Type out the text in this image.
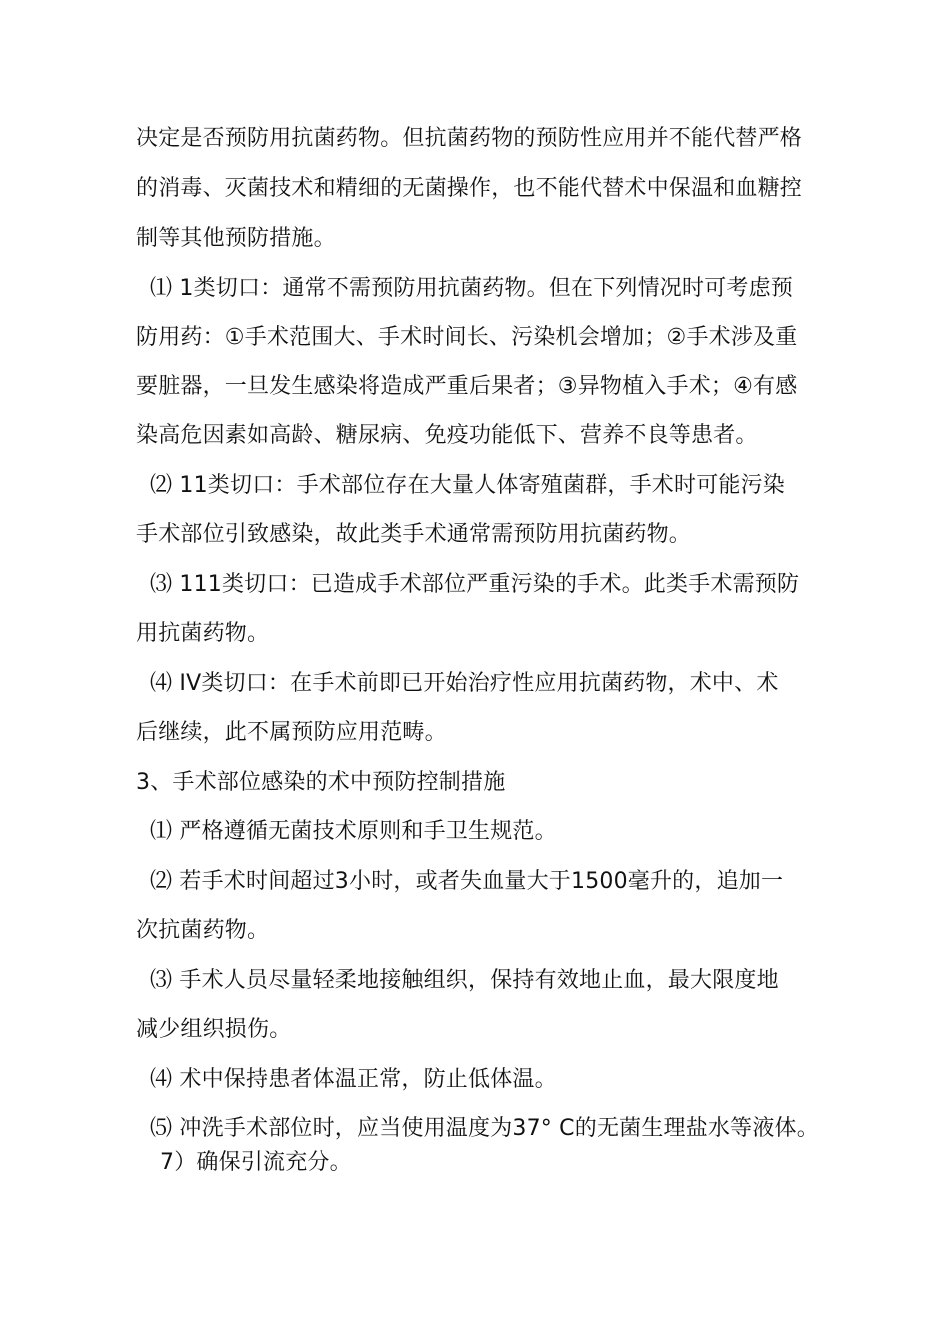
决定是否预防用抗菌药物。但抗菌药物的预防性应用并不能代替严格
的消毒、灭菌技术和精细的无菌操作，也不能代替术中保温和血糖控
制等其他预防措施。
⑴ 1类切口：通常不需预防用抗菌药物。但在下列情况时可考虑预
防用药：①手术范围大、手术时间长、污染机会增加；②手术涉及重
要脏器，一旦发生感染将造成严重后果者；③异物植入手术；④有感
染高危因素如高龄、糖尿病、免疫功能低下、营养不良等患者。
⑵ 11类切口：手术部位存在大量人体寄殖菌群，手术时可能污染
手术部位引致感染，故此类手术通常需预防用抗菌药物。
⑶ 111类切口：已造成手术部位严重污染的手术。此类手术需预防
用抗菌药物。
⑷ IV类切口：在手术前即已开始治疗性应用抗菌药物，术中、术
后继续，此不属预防应用范畴。
3、手术部位感染的术中预防控制措施
⑴ 严格遵循无菌技术原则和手卫生规范。
⑵ 若手术时间超过3小时，或者失血量大于1500毫升的，追加一
次抗菌药物。
⑶ 手术人员尽量轻柔地接触组织，保持有效地止血，最大限度地
减少组织损伤。
⑷ 术中保持患者体温正常，防止低体温。
⑸ 冲洗手术部位时，应当使用温度为37° C的无菌生理盐水等液体。
7）确保引流充分。
